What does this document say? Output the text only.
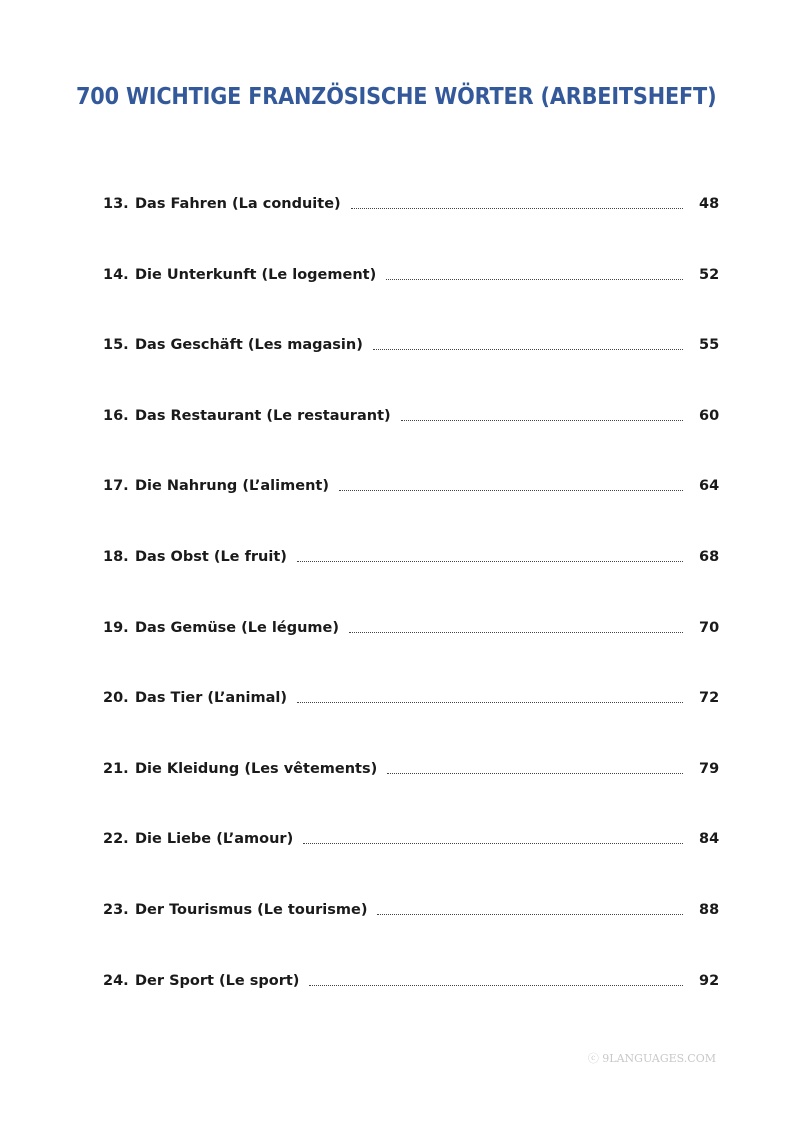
700 WICHTIGE FRANZÖSISCHE WÖRTER (ARBEITSHEFT)
13. Das Fahren (La conduite)	48
14. Die Unterkunft (Le logement)	52
15. Das Geschäft (Les magasin)	55
16. Das Restaurant (Le restaurant)	60
17. Die Nahrung (L’aliment)	64
18. Das Obst (Le fruit)	68
19. Das Gemüse (Le légume)	70
20. Das Tier (L’animal)	72
21. Die Kleidung (Les vêtements)	79
22. Die Liebe (L’amour)	84
23. Der Tourismus (Le tourisme)	88
24. Der Sport (Le sport)	92
ⓒ 9LANGUAGES.COM
